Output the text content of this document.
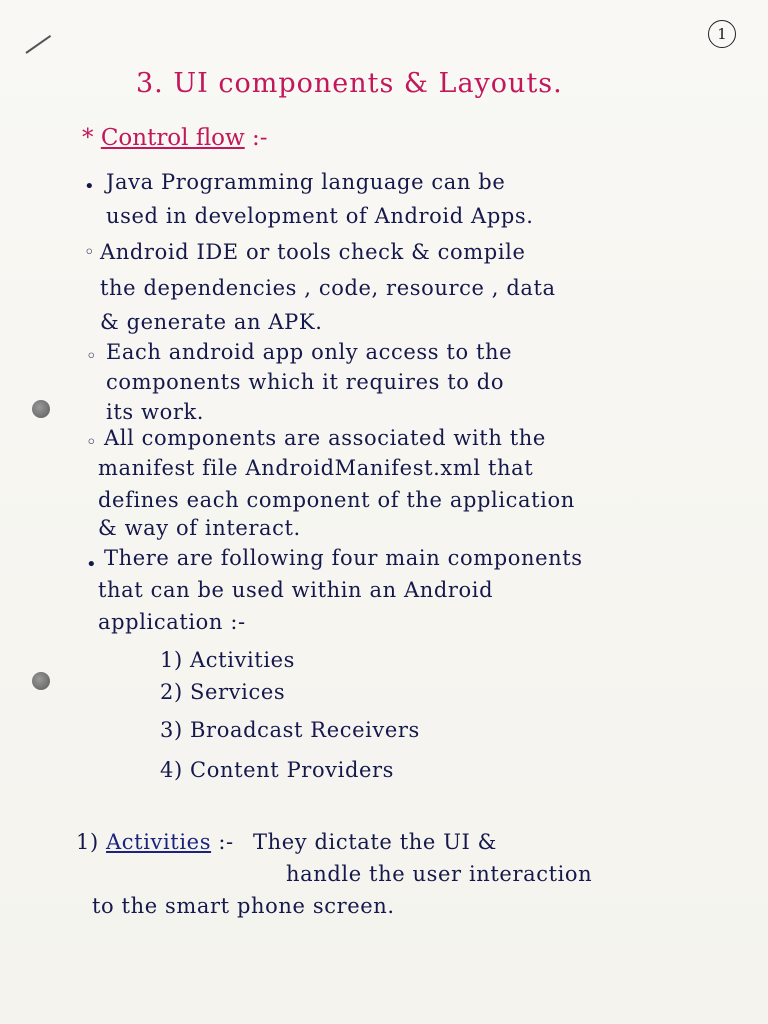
1
3. UI components & Layouts.
* Control flow :-
• Java Programming language can be
used in development of Android Apps.
◦ Android IDE or tools check & compile
the dependencies , code, resource , data
& generate an APK.
◦ Each android app only access to the
components which it requires to do
its work.
◦ All components are associated with the
manifest file AndroidManifest.xml that
defines each component of the application
& way of interact.
• There are following four main components
that can be used within an Android
application :-
1) Activities
2) Services
3) Broadcast Receivers
4) Content Providers
1) Activities :- They dictate the UI &
handle the user interaction
to the smart phone screen.
